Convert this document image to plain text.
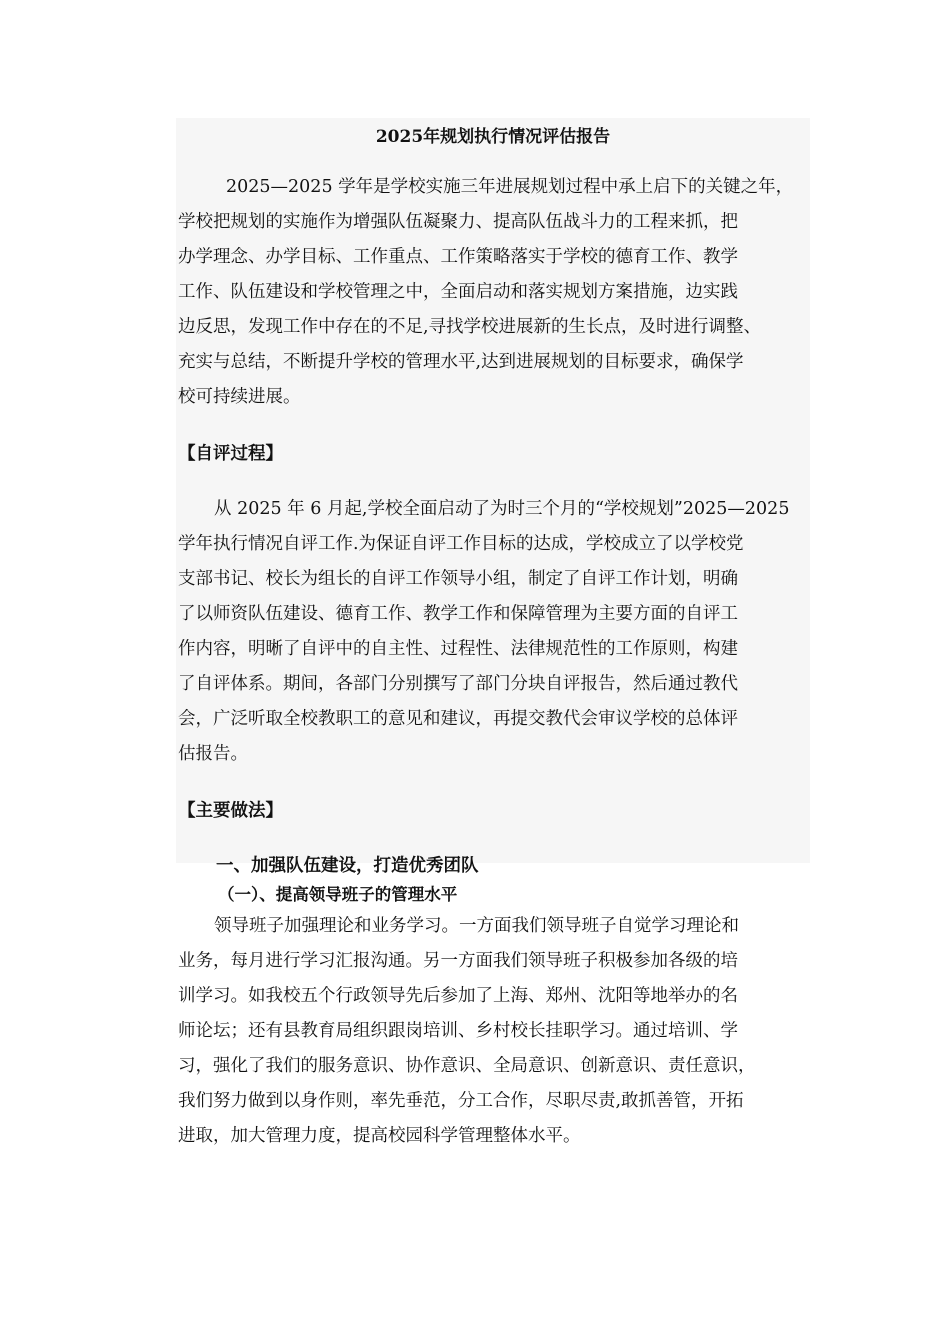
2025年规划执行情况评估报告

2025—2025 学年是学校实施三年进展规划过程中承上启下的关键之年，
学校把规划的实施作为增强队伍凝聚力、提高队伍战斗力的工程来抓，把
办学理念、办学目标、工作重点、工作策略落实于学校的德育工作、教学
工作、队伍建设和学校管理之中，全面启动和落实规划方案措施，边实践
边反思，发现工作中存在的不足,寻找学校进展新的生长点，及时进行调整、
充实与总结，不断提升学校的管理水平,达到进展规划的目标要求，确保学
校可持续进展。

【自评过程】

从 2025 年 6 月起,学校全面启动了为时三个月的“学校规划”2025—2025
学年执行情况自评工作.为保证自评工作目标的达成，学校成立了以学校党
支部书记、校长为组长的自评工作领导小组，制定了自评工作计划，明确
了以师资队伍建设、德育工作、教学工作和保障管理为主要方面的自评工
作内容，明晰了自评中的自主性、过程性、法律规范性的工作原则，构建
了自评体系。期间，各部门分别撰写了部门分块自评报告，然后通过教代
会，广泛听取全校教职工的意见和建议，再提交教代会审议学校的总体评
估报告。

【主要做法】
一、加强队伍建设，打造优秀团队
（一）、提高领导班子的管理水平

领导班子加强理论和业务学习。一方面我们领导班子自觉学习理论和
业务，每月进行学习汇报沟通。另一方面我们领导班子积极参加各级的培
训学习。如我校五个行政领导先后参加了上海、郑州、沈阳等地举办的名
师论坛；还有县教育局组织跟岗培训、乡村校长挂职学习。通过培训、学
习，强化了我们的服务意识、协作意识、全局意识、创新意识、责任意识，
我们努力做到以身作则，率先垂范，分工合作，尽职尽责,敢抓善管，开拓
进取，加大管理力度，提高校园科学管理整体水平。
